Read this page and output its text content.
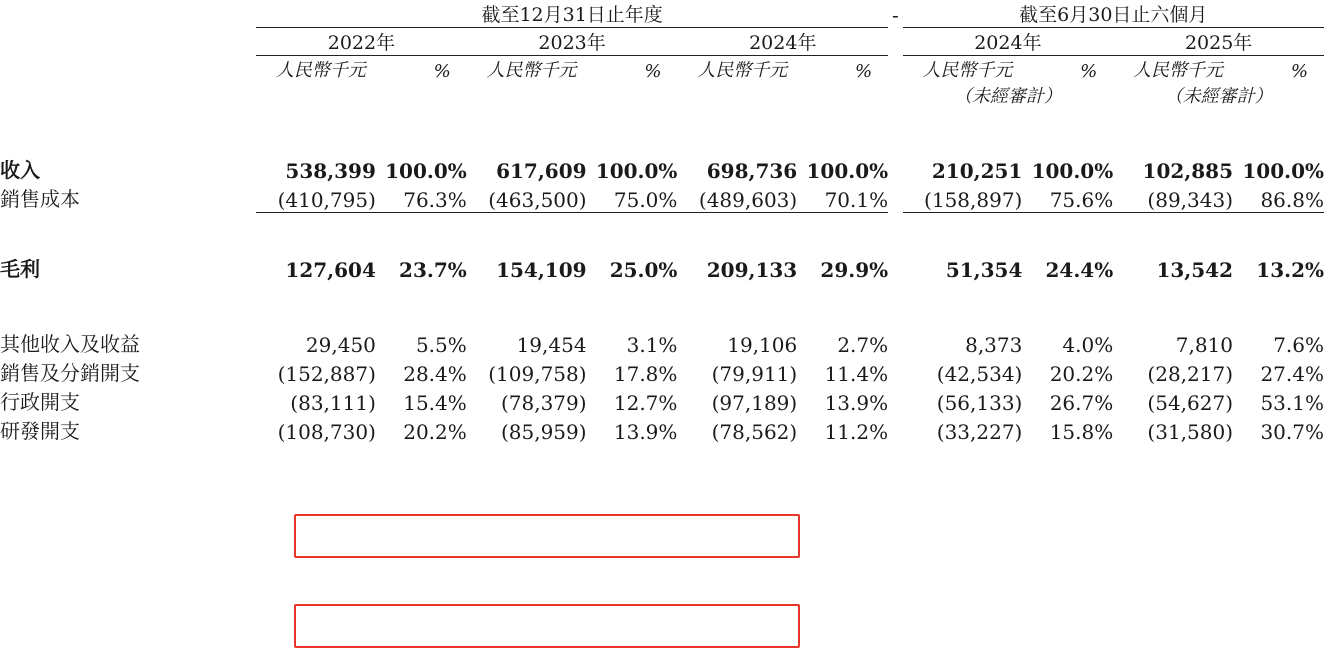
	截至12月31日止年度						-	截至6月30日止六個月			

	2022年		2023年		2024年			2024年		2025年	

	人民幣千元	%	人民幣千元	%	人民幣千元	%		人民幣千元	%	人民幣千元	%
								（未經審計）		（未經審計）	

收入	538,399	100.0%	617,609	100.0%	698,736	100.0%		210,251	100.0%	102,885	100.0%
銷售成本	(410,795)	76.3%	(463,500)	75.0%	(489,603)	70.1%		(158,897)	75.6%	(89,343)	86.8%

毛利	127,604	23.7%	154,109	25.0%	209,133	29.9%		51,354	24.4%	13,542	13.2%

其他收入及收益	29,450	5.5%	19,454	3.1%	19,106	2.7%		8,373	4.0%	7,810	7.6%
銷售及分銷開支	(152,887)	28.4%	(109,758)	17.8%	(79,911)	11.4%		(42,534)	20.2%	(28,217)	27.4%
行政開支	(83,111)	15.4%	(78,379)	12.7%	(97,189)	13.9%		(56,133)	26.7%	(54,627)	53.1%
研發開支	(108,730)	20.2%	(85,959)	13.9%	(78,562)	11.2%		(33,227)	15.8%	(31,580)	30.7%
